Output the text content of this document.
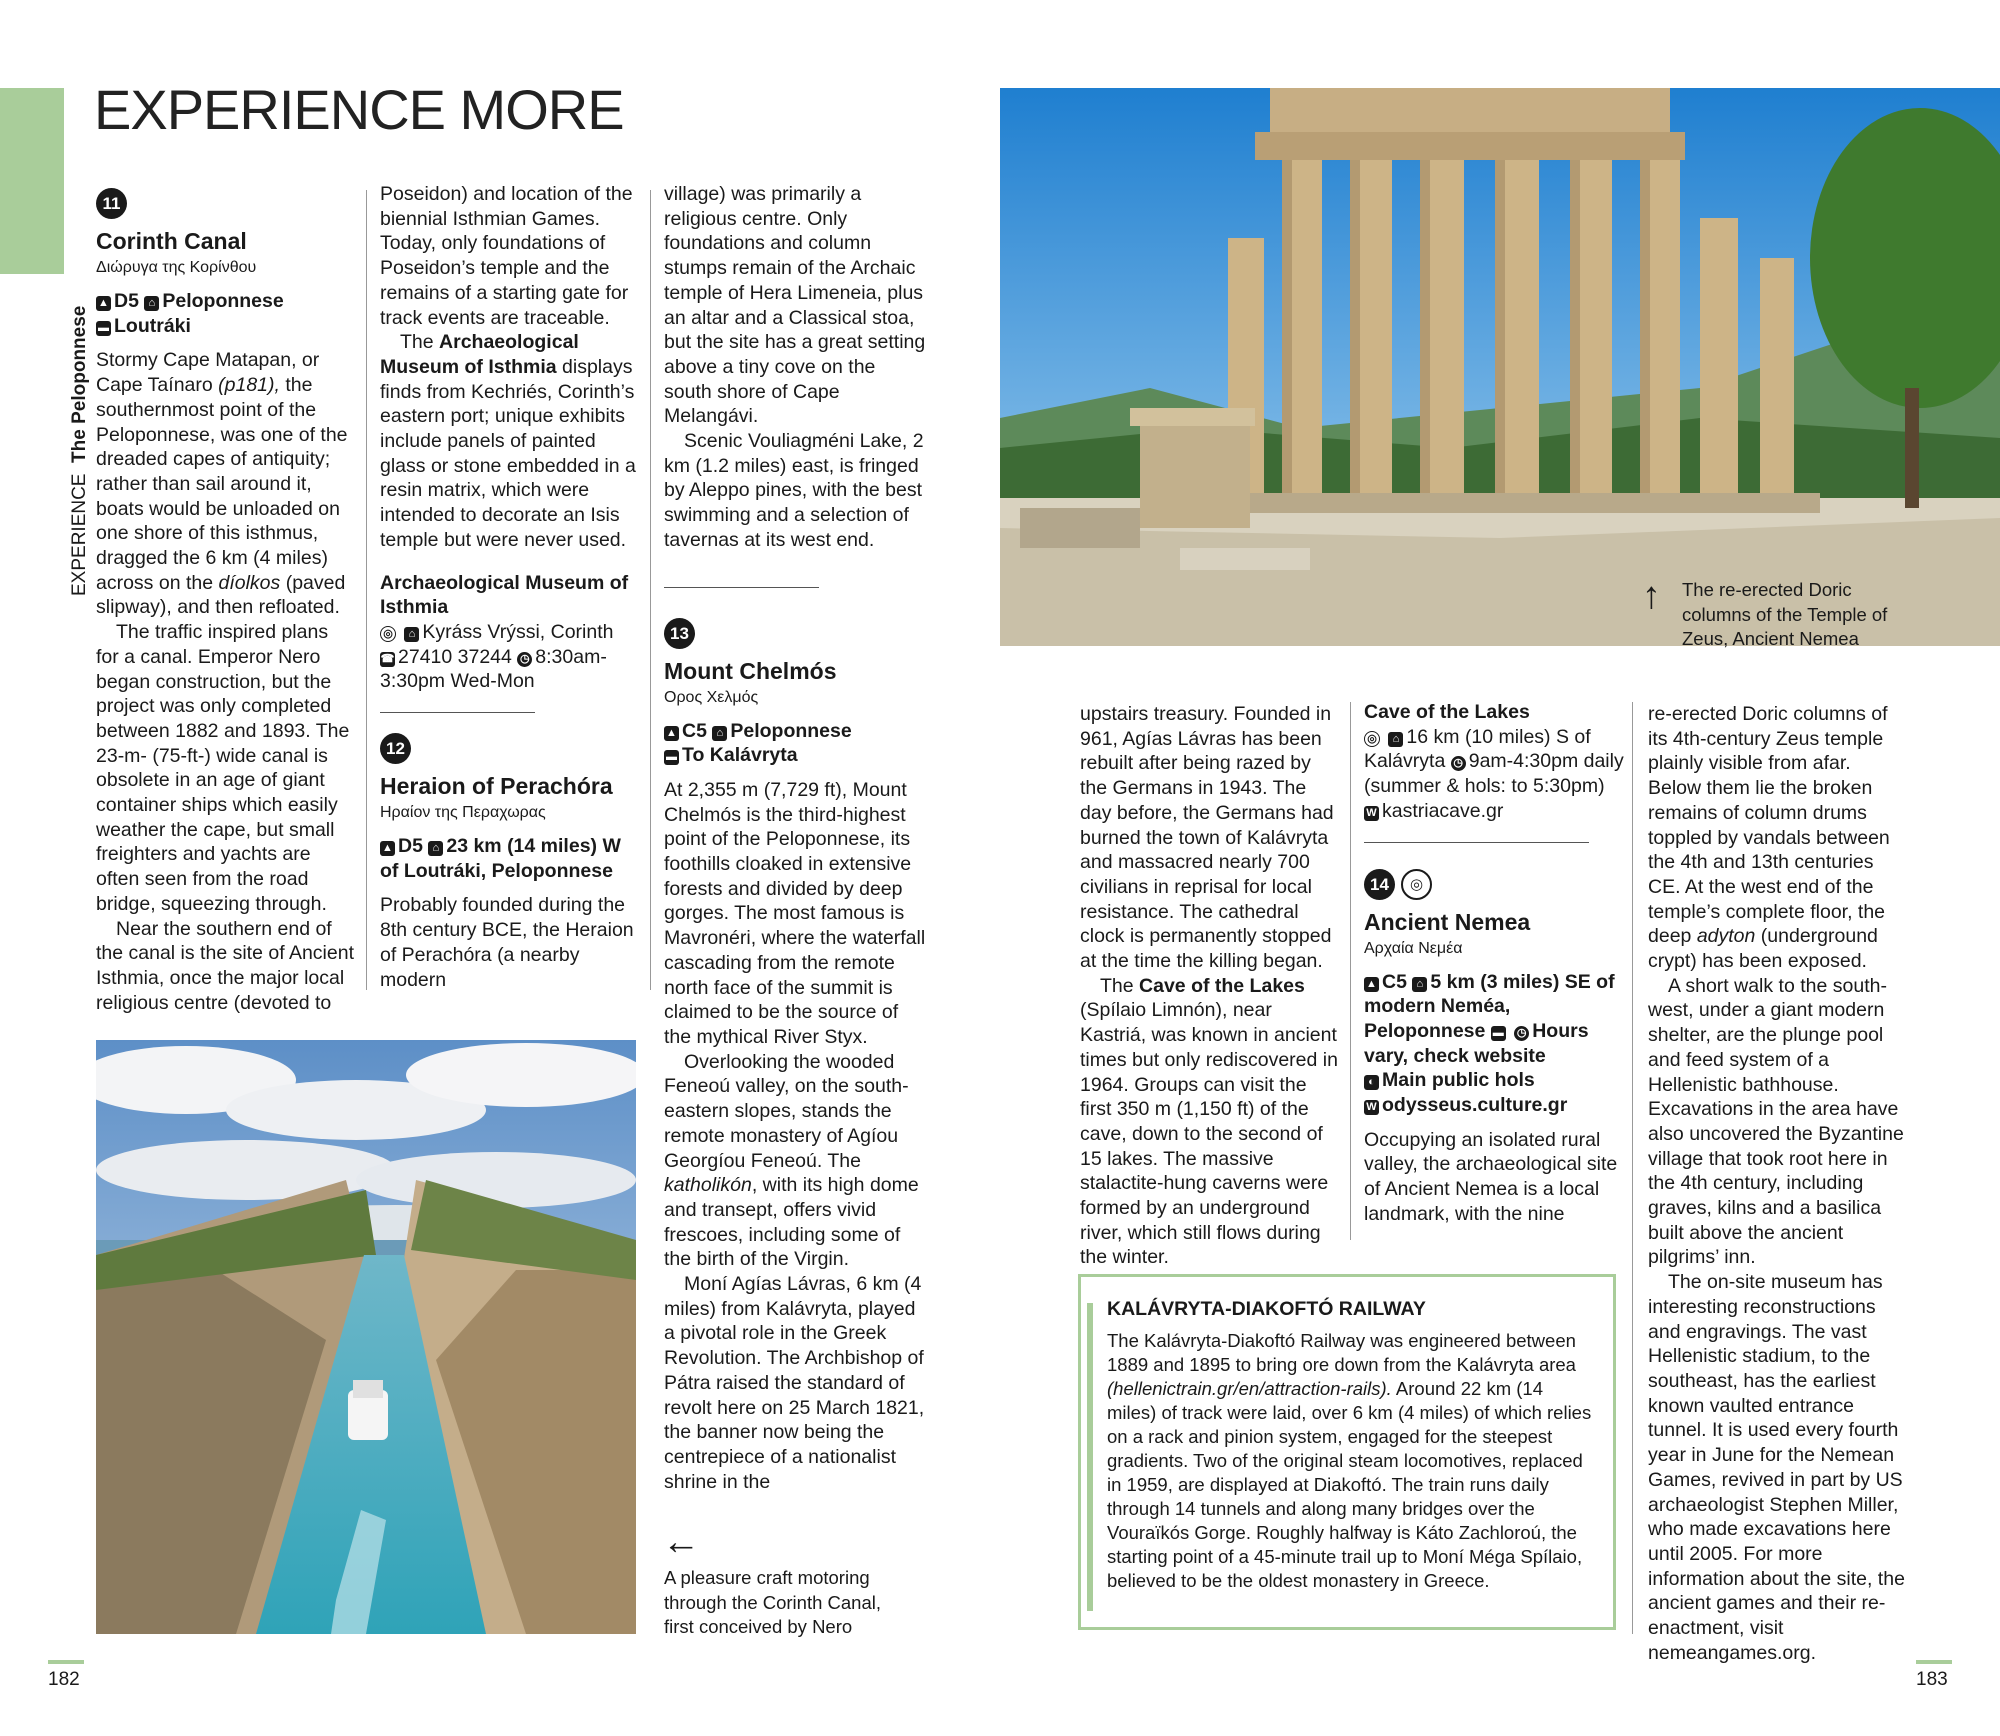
EXPERIENCE MORE
EXPERIENCE  The Peloponnese
11
Corinth Canal
Διώρυγα της Κορίνθου
▲ D5 ⌂ Peloponnese
▬ Loutráki

Stormy Cape Matapan, or Cape Taínaro (p181), the southernmost point of the Peloponnese, was one of the dreaded capes of antiquity; rather than sail around it, boats would be unloaded on one shore of this isthmus, dragged the 6 km (4 miles) across on the díolkos (paved slipway), and then refloated.

The traffic inspired plans for a canal. Emperor Nero began construction, but the project was only completed between 1882 and 1893. The 23-m- (75-ft-) wide canal is obsolete in an age of giant container ships which easily weather the cape, but small freighters and yachts are often seen from the road bridge, squeezing through.

Near the southern end of the canal is the site of Ancient Isthmia, once the major local religious centre (devoted to

Poseidon) and location of the biennial Isthmian Games. Today, only foundations of Poseidon’s temple and the remains of a starting gate for track events are traceable.

The Archaeological Museum of Isthmia displays finds from Kechriés, Corinth’s eastern port; unique exhibits include panels of painted glass or stone embedded in a resin matrix, which were intended to decorate an Isis temple but were never used.

Archaeological Museum of Isthmia
◎ ⌂ Kyráss Vrýssi, Corinth
☎ 27410 37244 ◷ 8:30am-3:30pm Wed-Mon
12
Heraion of Perachóra
Ηραίον της Περαχωρας
▲ D5 ⌂ 23 km (14 miles) W of Loutráki, Peloponnese

Probably founded during the 8th century BCE, the Heraion of Perachóra (a nearby modern

village) was primarily a religious centre. Only foundations and column stumps remain of the Archaic temple of Hera Limeneia, plus an altar and a Classical stoa, but the site has a great setting above a tiny cove on the south shore of Cape Melangávi.

Scenic Vouliagméni Lake, 2 km (1.2 miles) east, is fringed by Aleppo pines, with the best swimming and a selection of tavernas at its west end.

13
Mount Chelmós
Ορος Χελμός
▲ C5 ⌂ Peloponnese
▬ To Kalávryta

At 2,355 m (7,729 ft), Mount Chelmós is the third-highest point of the Peloponnese, its foothills cloaked in extensive forests and divided by deep gorges. The most famous is Mavronéri, where the waterfall cascading from the remote north face of the summit is claimed to be the source of the mythical River Styx.

Overlooking the wooded Feneoú valley, on the south-eastern slopes, stands the remote monastery of Agíou Georgíou Feneoú. The katholikón, with its high dome and transept, offers vivid frescoes, including some of the birth of the Virgin.

Moní Agías Lávras, 6 km (4 miles) from Kalávryta, played a pivotal role in the Greek Revolution. The Archbishop of Pátra raised the standard of revolt here on 25 March 1821, the banner now being the centrepiece of a nationalist shrine in the

←
A pleasure craft motoring through the Corinth Canal, first conceived by Nero
↑ The re-erected Doric columns of the Temple of Zeus, Ancient Nemea

upstairs treasury. Founded in 961, Agías Lávras has been rebuilt after being razed by the Germans in 1943. The day before, the Germans had burned the town of Kalávryta and massacred nearly 700 civilians in reprisal for local resistance. The cathedral clock is permanently stopped at the time the killing began.

The Cave of the Lakes (Spílaio Limnón), near Kastriá, was known in ancient times but only rediscovered in 1964. Groups can visit the first 350 m (1,150 ft) of the cave, down to the second of 15 lakes. The massive stalactite-hung caverns were formed by an underground river, which still flows during the winter.

Cave of the Lakes
◎ ⌂ 16 km (10 miles) S of Kalávryta ◷ 9am-4:30pm daily (summer & hols: to 5:30pm) W kastriacave.gr
14 ◎
Ancient Nemea
Αρχαία Νεμέα
▲ C5 ⌂ 5 km (3 miles) SE of modern Neméa, Peloponnese ▬ ◷ Hours vary, check website
◐ Main public hols
W odysseus.culture.gr

Occupying an isolated rural valley, the archaeological site of Ancient Nemea is a local landmark, with the nine

re-erected Doric columns of its 4th-century Zeus temple plainly visible from afar. Below them lie the broken remains of column drums toppled by vandals between the 4th and 13th centuries CE. At the west end of the temple’s complete floor, the deep adyton (underground crypt) has been exposed.

A short walk to the south-west, under a giant modern shelter, are the plunge pool and feed system of a Hellenistic bathhouse. Excavations in the area have also uncovered the Byzantine village that took root here in the 4th century, including graves, kilns and a basilica built above the ancient pilgrims’ inn.

The on-site museum has interesting reconstructions and engravings. The vast Hellenistic stadium, to the southeast, has the earliest known vaulted entrance tunnel. It is used every fourth year in June for the Nemean Games, revived in part by US archaeologist Stephen Miller, who made excavations here until 2005. For more information about the site, the ancient games and their re-enactment, visit nemeangames.org.

KALÁVRYTA-DIAKOFTÓ RAILWAY
The Kalávryta-Diakoftó Railway was engineered between 1889 and 1895 to bring ore down from the Kalávryta area (hellenictrain.gr/en/attraction-rails). Around 22 km (14 miles) of track were laid, over 6 km (4 miles) of which relies on a rack and pinion system, engaged for the steepest gradients. Two of the original steam locomotives, replaced in 1959, are displayed at Diakoftó. The train runs daily through 14 tunnels and along many bridges over the Vouraïkós Gorge. Roughly halfway is Káto Zachloroú, the starting point of a 45-minute trail up to Moní Méga Spílaio, believed to be the oldest monastery in Greece.
182	183
